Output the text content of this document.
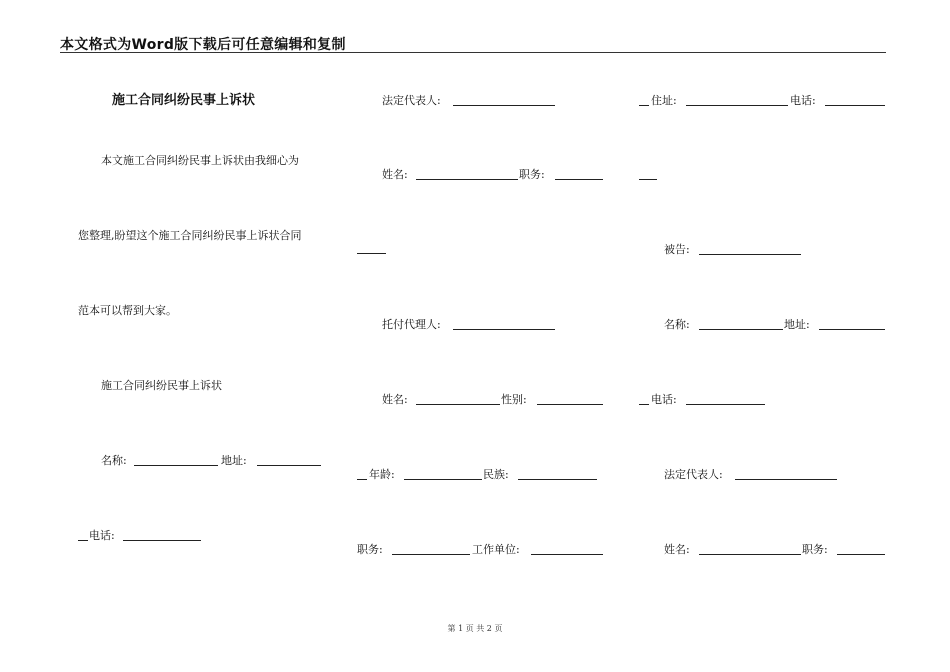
本文格式为Word版下载后可任意编辑和复制
施工合同纠纷民事上诉状
本文施工合同纠纷民事上诉状由我细心为
您整理,盼望这个施工合同纠纷民事上诉状合同
范本可以帮到大家。
施工合同纠纷民事上诉状
名称:	地址:
电话:
法定代表人:
姓名:	职务:
托付代理人:
姓名:	性别:
年龄:	民族:
职务:	工作单位:
住址:	电话:
被告:
名称:	地址:
电话:
法定代表人:
姓名:	职务:
第 1 页 共 2 页
